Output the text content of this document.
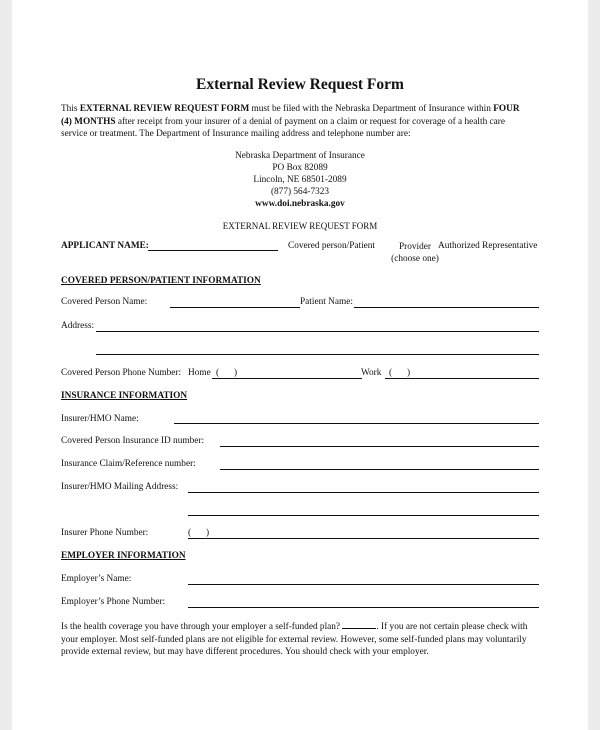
External Review Request Form
This EXTERNAL REVIEW REQUEST FORM must be filed with the Nebraska Department of Insurance within FOUR (4) MONTHS after receipt from your insurer of a denial of payment on a claim or request for coverage of a health care service or treatment. The Department of Insurance mailing address and telephone number are:
Nebraska Department of Insurance
PO Box 82089
Lincoln, NE 68501-2089
(877) 564-7323
www.doi.nebraska.gov
EXTERNAL REVIEW REQUEST FORM
APPLICANT NAME:	Covered person/Patient	Provider
(choose one)
Authorized Representative
COVERED PERSON/PATIENT INFORMATION
Covered Person Name:	Patient Name:
Address:
Covered Person Phone Number: Home ( )	Work ( )
INSURANCE INFORMATION
Insurer/HMO Name:
Covered Person Insurance ID number:
Insurance Claim/Reference number:
Insurer/HMO Mailing Address:
Insurer Phone Number:	( )
EMPLOYER INFORMATION
Employer’s Name:
Employer’s Phone Number:
Is the health coverage you have through your employer a self-funded plan?	. If you are not certain please check with your employer. Most self-funded plans are not eligible for external review. However, some self-funded plans may voluntarily provide external review, but may have different procedures. You should check with your employer.
